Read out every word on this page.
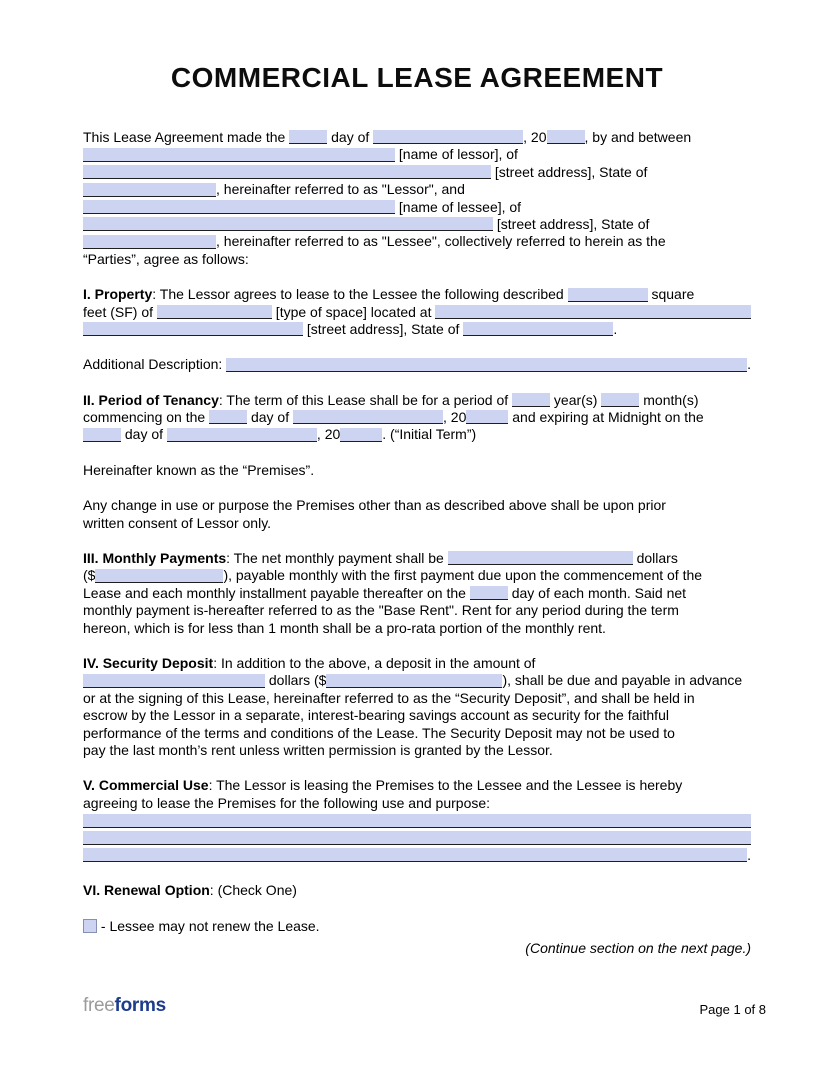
COMMERCIAL LEASE AGREEMENT
This Lease Agreement made the	day of	, 20	, by and between
[name of lessor], of
[street address], State of
, hereinafter referred to as "Lessor", and
[name of lessee], of
[street address], State of
, hereinafter referred to as "Lessee", collectively referred to herein as the
“Parties”, agree as follows:
I. Property : The Lessor agrees to lease to the Lessee the following described	square
feet (SF) of	[type of space] located at
[street address], State of	.
Additional Description:	.
II. Period of Tenancy : The term of this Lease shall be for a period of	year(s)	month(s)
commencing on the	day of	, 20	and expiring at Midnight on the
day of	, 20	. (“Initial Term”)
Hereinafter known as the “Premises”.
Any change in use or purpose the Premises other than as described above shall be upon prior
written consent of Lessor only.
III. Monthly Payments : The net monthly payment shall be	dollars
($	), payable monthly with the first payment due upon the commencement of the
Lease and each monthly installment payable thereafter on the	day of each month. Said net
monthly payment is-hereafter referred to as the "Base Rent". Rent for any period during the term
hereon, which is for less than 1 month shall be a pro-rata portion of the monthly rent.
IV. Security Deposit : In addition to the above, a deposit in the amount of
dollars ($	), shall be due and payable in advance
or at the signing of this Lease, hereinafter referred to as the “Security Deposit”, and shall be held in
escrow by the Lessor in a separate, interest-bearing savings account as security for the faithful
performance of the terms and conditions of the Lease. The Security Deposit may not be used to
pay the last month’s rent unless written permission is granted by the Lessor.
V. Commercial Use : The Lessor is leasing the Premises to the Lessee and the Lessee is hereby
agreeing to lease the Premises for the following use and purpose:
.
VI. Renewal Option : (Check One)
- Lessee may not renew the Lease.
(Continue section on the next page.)
freeforms	Page 1 of 8
